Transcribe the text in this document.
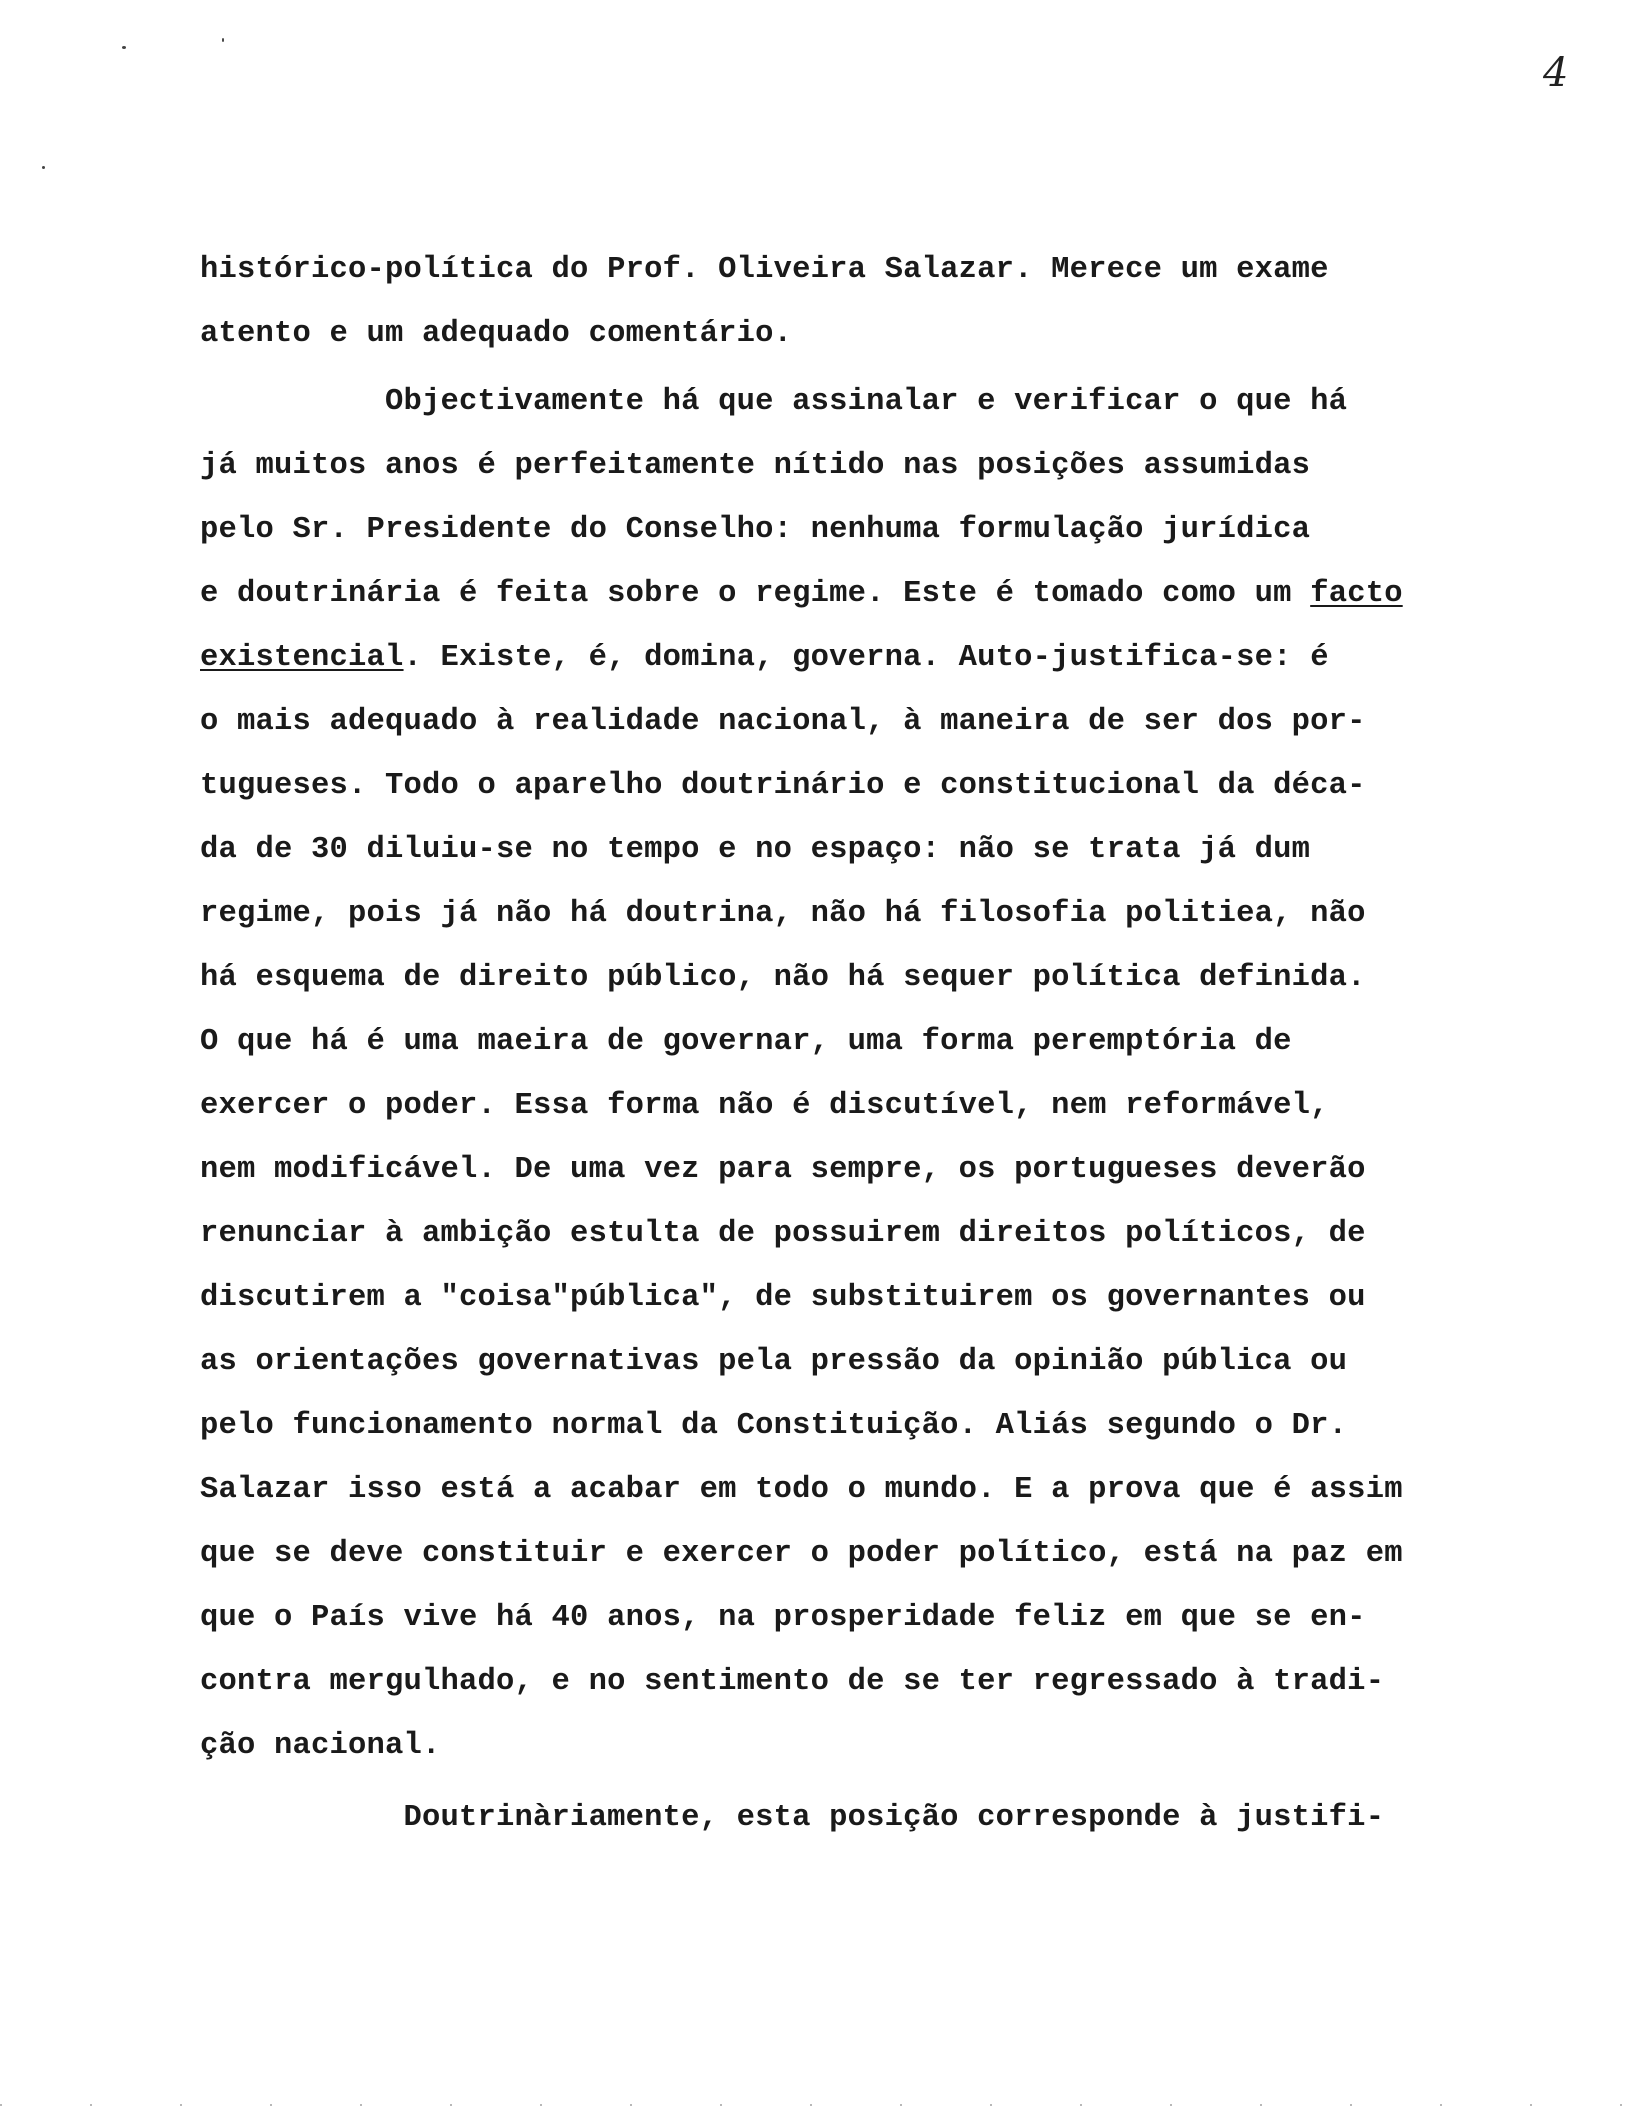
4
histórico-política do Prof. Oliveira Salazar. Merece um exame
atento e um adequado comentário.
Objectivamente há que assinalar e verificar o que há
já muitos anos é perfeitamente nítido nas posições assumidas
pelo Sr. Presidente do Conselho: nenhuma formulação jurídica
e doutrinária é feita sobre o regime. Este é tomado como um facto
existencial. Existe, é, domina, governa. Auto-justifica-se: é
o mais adequado à realidade nacional, à maneira de ser dos por-
tugueses. Todo o aparelho doutrinário e constitucional da déca-
da de 30 diluiu-se no tempo e no espaço: não se trata já dum
regime, pois já não há doutrina, não há filosofia politiea, não
há esquema de direito público, não há sequer política definida.
O que há é uma maeira de governar, uma forma peremptória de
exercer o poder. Essa forma não é discutível, nem reformável,
nem modificável. De uma vez para sempre, os portugueses deverão
renunciar à ambição estulta de possuirem direitos políticos, de
discutirem a "coisa"pública", de substituirem os governantes ou
as orientações governativas pela pressão da opinião pública ou
pelo funcionamento normal da Constituição. Aliás segundo o Dr.
Salazar isso está a acabar em todo o mundo. E a prova que é assim
que se deve constituir e exercer o poder político, está na paz em
que o País vive há 40 anos, na prosperidade feliz em que se en-
contra mergulhado, e no sentimento de se ter regressado à tradi-
ção nacional.
Doutrinàriamente, esta posição corresponde à justifi-
